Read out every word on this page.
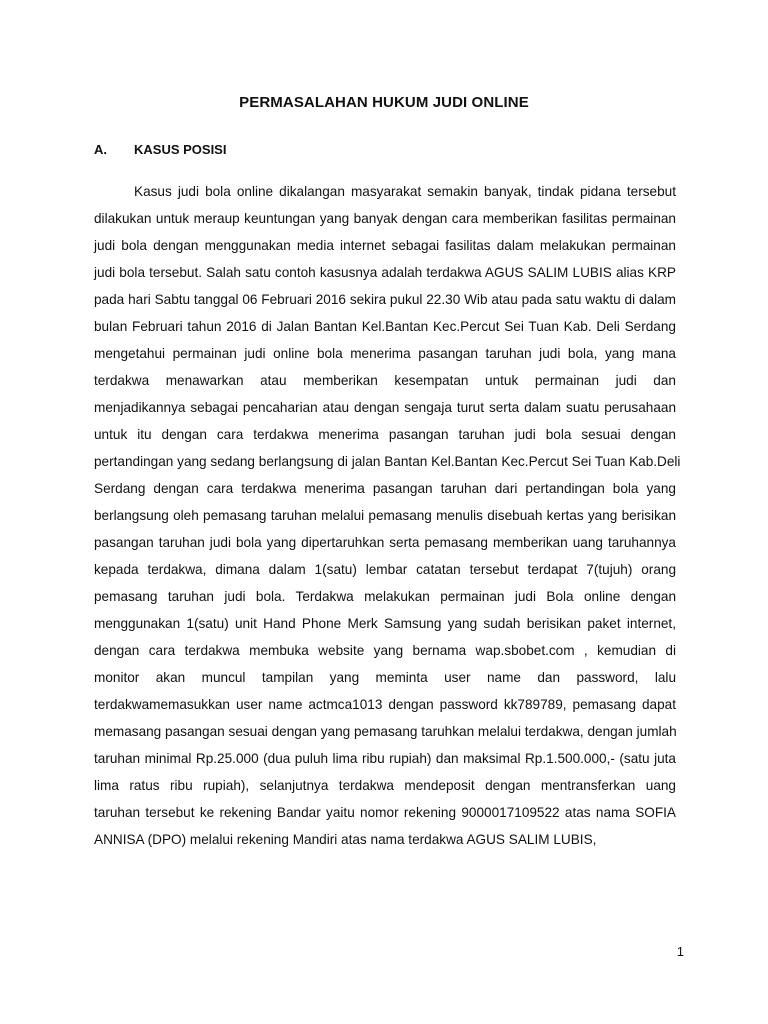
PERMASALAHAN HUKUM JUDI ONLINE
A. KASUS POSISI
Kasus judi bola online dikalangan masyarakat semakin banyak, tindak pidana tersebut
dilakukan untuk meraup keuntungan yang banyak dengan cara memberikan fasilitas permainan
judi bola dengan menggunakan media internet sebagai fasilitas dalam melakukan permainan
judi bola tersebut. Salah satu contoh kasusnya adalah terdakwa AGUS SALIM LUBIS alias KRP
pada hari Sabtu tanggal 06 Februari 2016 sekira pukul 22.30 Wib atau pada satu waktu di dalam
bulan Februari tahun 2016 di Jalan Bantan Kel.Bantan Kec.Percut Sei Tuan Kab. Deli Serdang
mengetahui permainan judi online bola menerima pasangan taruhan judi bola, yang mana
terdakwa menawarkan atau memberikan kesempatan untuk permainan judi dan
menjadikannya sebagai pencaharian atau dengan sengaja turut serta dalam suatu perusahaan
untuk itu dengan cara terdakwa menerima pasangan taruhan judi bola sesuai dengan
pertandingan yang sedang berlangsung di jalan Bantan Kel.Bantan Kec.Percut Sei Tuan Kab.Deli
Serdang dengan cara terdakwa menerima pasangan taruhan dari pertandingan bola yang
berlangsung oleh pemasang taruhan melalui pemasang menulis disebuah kertas yang berisikan
pasangan taruhan judi bola yang dipertaruhkan serta pemasang memberikan uang taruhannya
kepada terdakwa, dimana dalam 1(satu) lembar catatan tersebut terdapat 7(tujuh) orang
pemasang taruhan judi bola. Terdakwa melakukan permainan judi Bola online dengan
menggunakan 1(satu) unit Hand Phone Merk Samsung yang sudah berisikan paket internet,
dengan cara terdakwa membuka website yang bernama wap.sbobet.com , kemudian di
monitor akan muncul tampilan yang meminta user name dan password, lalu
terdakwamemasukkan user name actmca1013 dengan password kk789789, pemasang dapat
memasang pasangan sesuai dengan yang pemasang taruhkan melalui terdakwa, dengan jumlah
taruhan minimal Rp.25.000 (dua puluh lima ribu rupiah) dan maksimal Rp.1.500.000,- (satu juta
lima ratus ribu rupiah), selanjutnya terdakwa mendeposit dengan mentransferkan uang
taruhan tersebut ke rekening Bandar yaitu nomor rekening 9000017109522 atas nama SOFIA
ANNISA (DPO) melalui rekening Mandiri atas nama terdakwa AGUS SALIM LUBIS,
1
